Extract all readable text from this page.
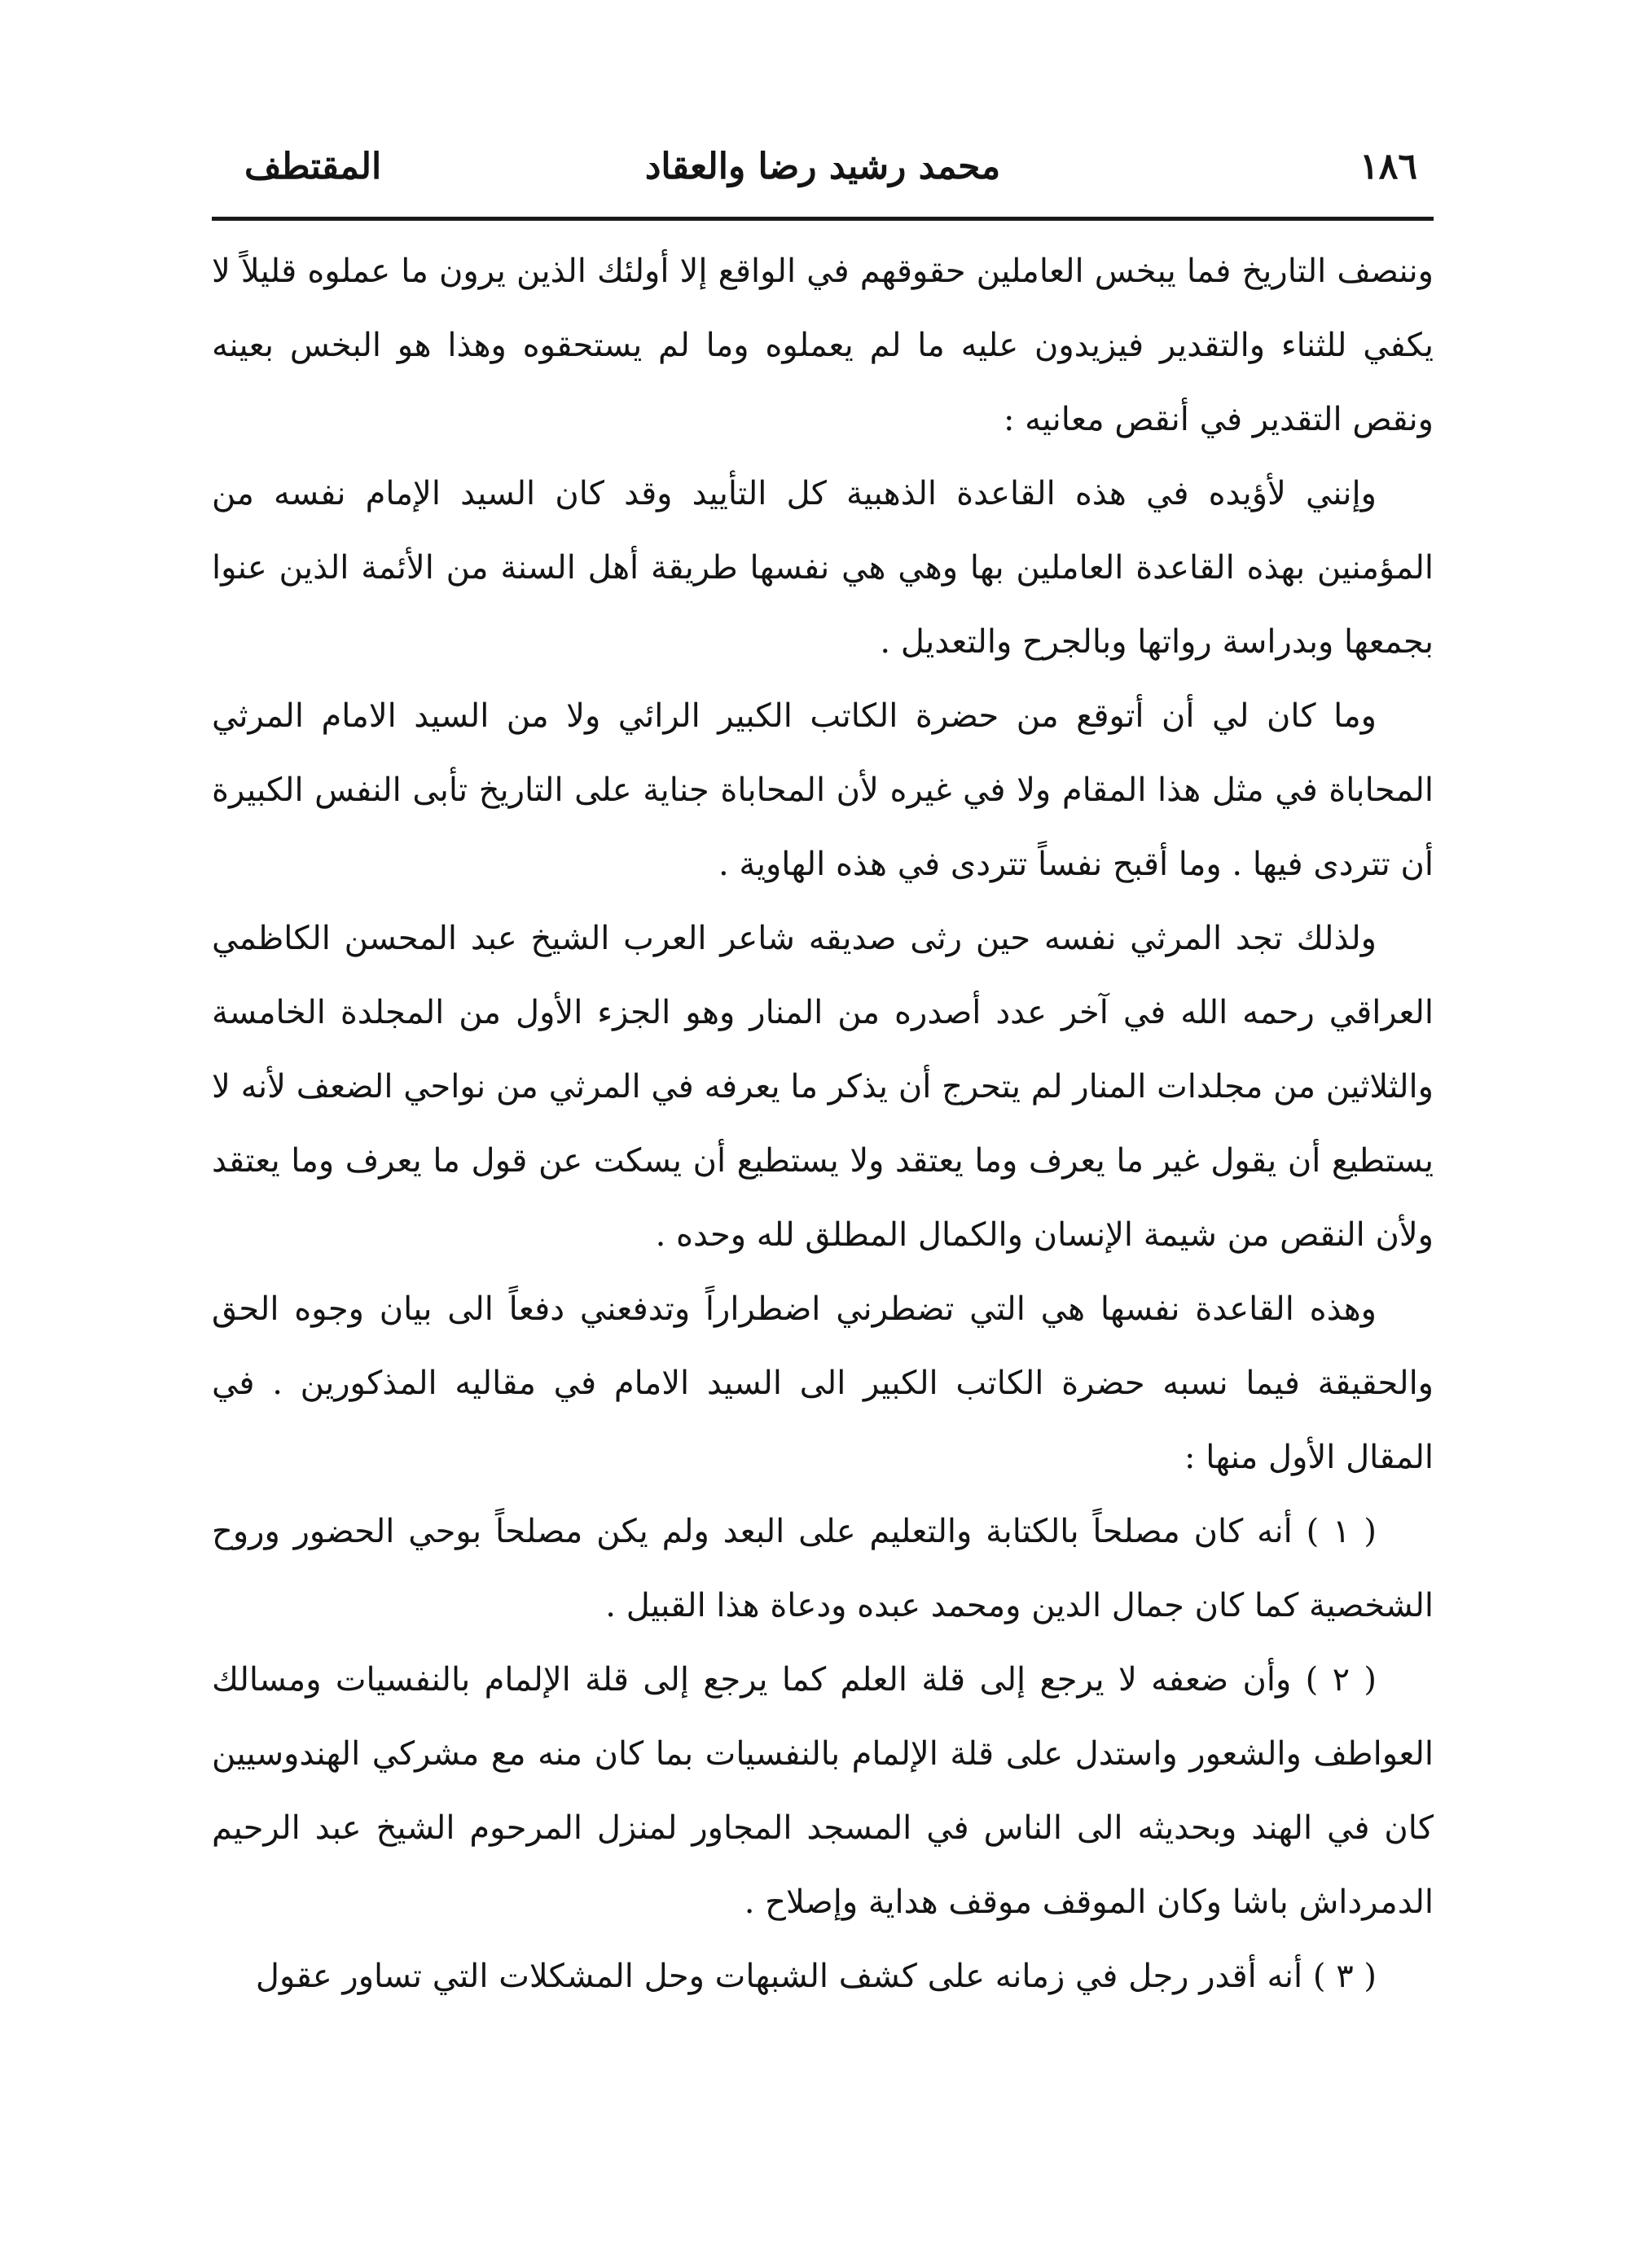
١٨٦
محمد رشيد رضا والعقاد
المقتطف

وننصف التاريخ فما يبخس العاملين حقوقهم في الواقع إلا أولئك الذين يرون ما عملوه قليلاً لا يكفي للثناء والتقدير فيزيدون عليه ما لم يعملوه وما لم يستحقوه وهذا هو البخس بعينه ونقص التقدير في أنقص معانيه :

وإنني لأؤيده في هذه القاعدة الذهبية كل التأييد وقد كان السيد الإمام نفسه من المؤمنين بهذه القاعدة العاملين بها وهي هي نفسها طريقة أهل السنة من الأئمة الذين عنوا بجمعها وبدراسة رواتها وبالجرح والتعديل .

وما كان لي أن أتوقع من حضرة الكاتب الكبير الرائي ولا من السيد الامام المرثي المحاباة في مثل هذا المقام ولا في غيره لأن المحاباة جناية على التاريخ تأبى النفس الكبيرة أن تتردى فيها . وما أقبح نفساً تتردى في هذه الهاوية .

ولذلك تجد المرثي نفسه حين رثى صديقه شاعر العرب الشيخ عبد المحسن الكاظمي العراقي رحمه الله في آخر عدد أصدره من المنار وهو الجزء الأول من المجلدة الخامسة والثلاثين من مجلدات المنار لم يتحرج أن يذكر ما يعرفه في المرثي من نواحي الضعف لأنه لا يستطيع أن يقول غير ما يعرف وما يعتقد ولا يستطيع أن يسكت عن قول ما يعرف وما يعتقد ولأن النقص من شيمة الإنسان والكمال المطلق لله وحده .

وهذه القاعدة نفسها هي التي تضطرني اضطراراً وتدفعني دفعاً الى بيان وجوه الحق والحقيقة فيما نسبه حضرة الكاتب الكبير الى السيد الامام في مقاليه المذكورين . في المقال الأول منها :

( ١ ) أنه كان مصلحاً بالكتابة والتعليم على البعد ولم يكن مصلحاً بوحي الحضور وروح الشخصية كما كان جمال الدين ومحمد عبده ودعاة هذا القبيل .

( ٢ ) وأن ضعفه لا يرجع إلى قلة العلم كما يرجع إلى قلة الإلمام بالنفسيات ومسالك العواطف والشعور واستدل على قلة الإلمام بالنفسيات بما كان منه مع مشركي الهندوسيين كان في الهند وبحديثه الى الناس في المسجد المجاور لمنزل المرحوم الشيخ عبد الرحيم الدمرداش باشا وكان الموقف موقف هداية وإصلاح .

( ٣ ) أنه أقدر رجل في زمانه على كشف الشبهات وحل المشكلات التي تساور عقول
